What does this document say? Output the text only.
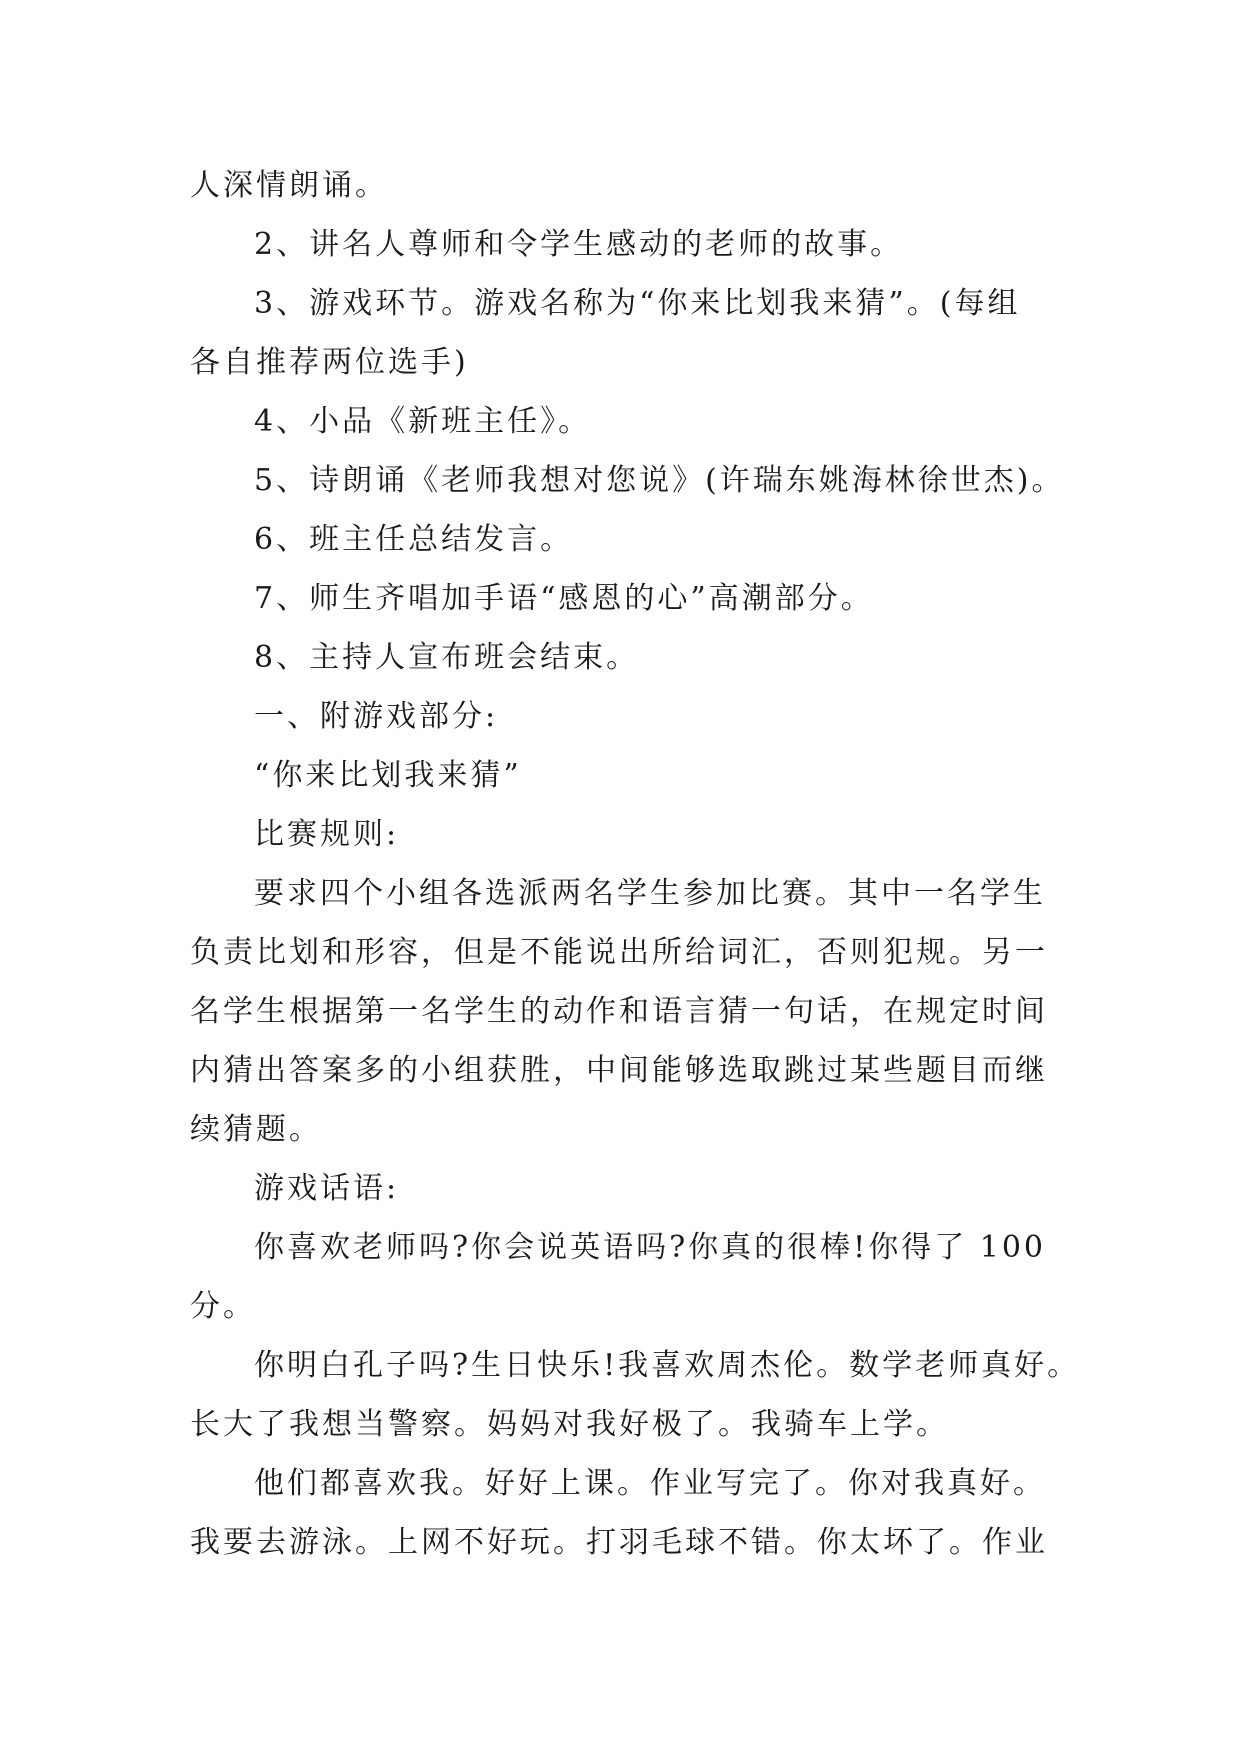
人深情朗诵。
2、讲名人尊师和令学生感动的老师的故事。
3、游戏环节。游戏名称为“你来比划我来猜”。(每组
各自推荐两位选手)
4、小品《新班主任》。
5、诗朗诵《老师我想对您说》(许瑞东姚海林徐世杰)。
6、班主任总结发言。
7、师生齐唱加手语“感恩的心”高潮部分。
8、主持人宣布班会结束。
一、附游戏部分:
“你来比划我来猜”
比赛规则:
要求四个小组各选派两名学生参加比赛。其中一名学生
负责比划和形容，但是不能说出所给词汇，否则犯规。另一
名学生根据第一名学生的动作和语言猜一句话，在规定时间
内猜出答案多的小组获胜，中间能够选取跳过某些题目而继
续猜题。
游戏话语:
你喜欢老师吗?你会说英语吗?你真的很棒!你得了 100
分。
你明白孔子吗?生日快乐!我喜欢周杰伦。数学老师真好。
长大了我想当警察。妈妈对我好极了。我骑车上学。
他们都喜欢我。好好上课。作业写完了。你对我真好。
我要去游泳。上网不好玩。打羽毛球不错。你太坏了。作业
